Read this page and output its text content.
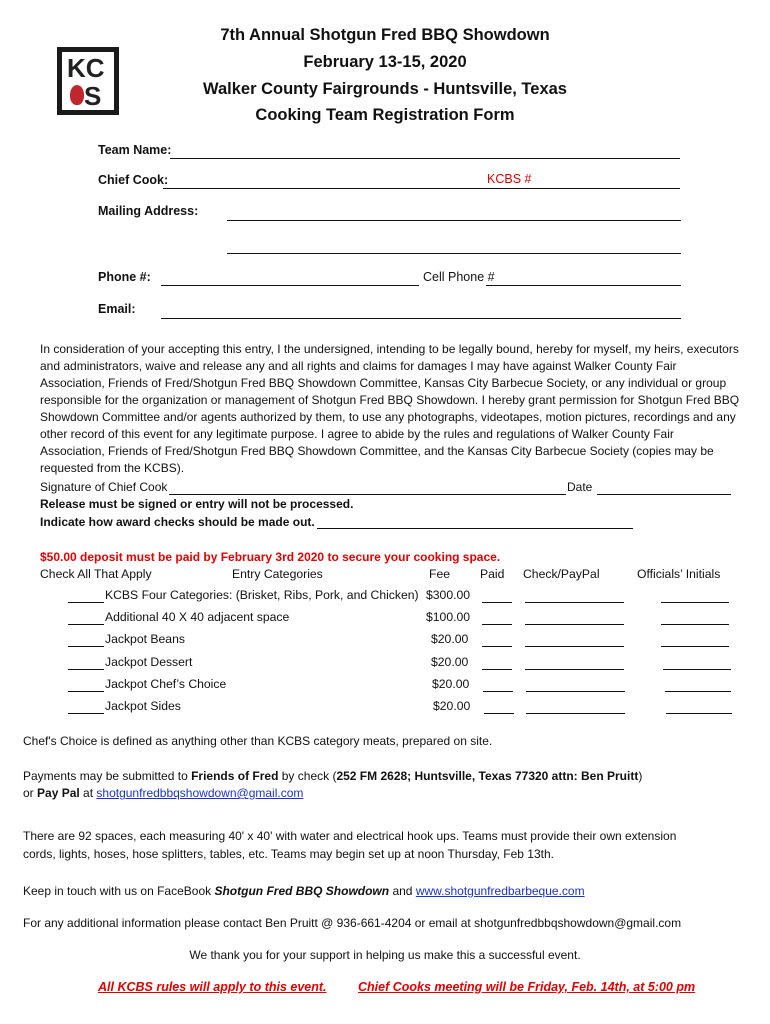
KC
S
7th Annual Shotgun Fred BBQ Showdown
February 13-15, 2020
Walker County Fairgrounds - Huntsville, Texas
Cooking Team Registration Form
Team Name:
Chief Cook:	KCBS #
Mailing Address:
Phone #:	Cell Phone #
Email:
In consideration of your accepting this entry, I the undersigned, intending to be legally bound, hereby for myself, my heirs, executors and administrators, waive and release any and all rights and claims for damages I may have against Walker County Fair Association, Friends of Fred/Shotgun Fred BBQ Showdown Committee, Kansas City Barbecue Society, or any individual or group responsible for the organization or management of Shotgun Fred BBQ Showdown. I hereby grant permission for Shotgun Fred BBQ Showdown Committee and/or agents authorized by them, to use any photographs, videotapes, motion pictures, recordings and any other record of this event for any legitimate purpose. I agree to abide by the rules and regulations of Walker County Fair Association, Friends of Fred/Shotgun Fred BBQ Showdown Committee, and the Kansas City Barbecue Society (copies may be requested from the KCBS).
Signature of Chief Cook	Date
Release must be signed or entry will not be processed.
Indicate how award checks should be made out.
$50.00 deposit must be paid by February 3rd 2020 to secure your cooking space.
Check All That Apply	Entry Categories	Fee Paid Check/PayPal	Officials’ Initials
KCBS Four Categories: (Brisket, Ribs, Pork, and Chicken) $300.00
Additional 40 X 40 adjacent space	$100.00
Jackpot Beans	$20.00
Jackpot Dessert	$20.00
Jackpot Chef’s Choice	$20.00
Jackpot Sides	$20.00
Chef's Choice is defined as anything other than KCBS category meats, prepared on site.
Payments may be submitted to Friends of Fred by check (252 FM 2628; Huntsville, Texas 77320 attn: Ben Pruitt)
or Pay Pal at shotgunfredbbqshowdown@gmail.com
There are 92 spaces, each measuring 40' x 40' with water and electrical hook ups. Teams must provide their own extension cords, lights, hoses, hose splitters, tables, etc. Teams may begin set up at noon Thursday, Feb 13th.
Keep in touch with us on FaceBook Shotgun Fred BBQ Showdown and www.shotgunfredbarbeque.com
For any additional information please contact Ben Pruitt @ 936-661-4204 or email at shotgunfredbbqshowdown@gmail.com
We thank you for your support in helping us make this a successful event.
All KCBS rules will apply to this event.	Chief Cooks meeting will be Friday, Feb. 14th, at 5:00 pm
